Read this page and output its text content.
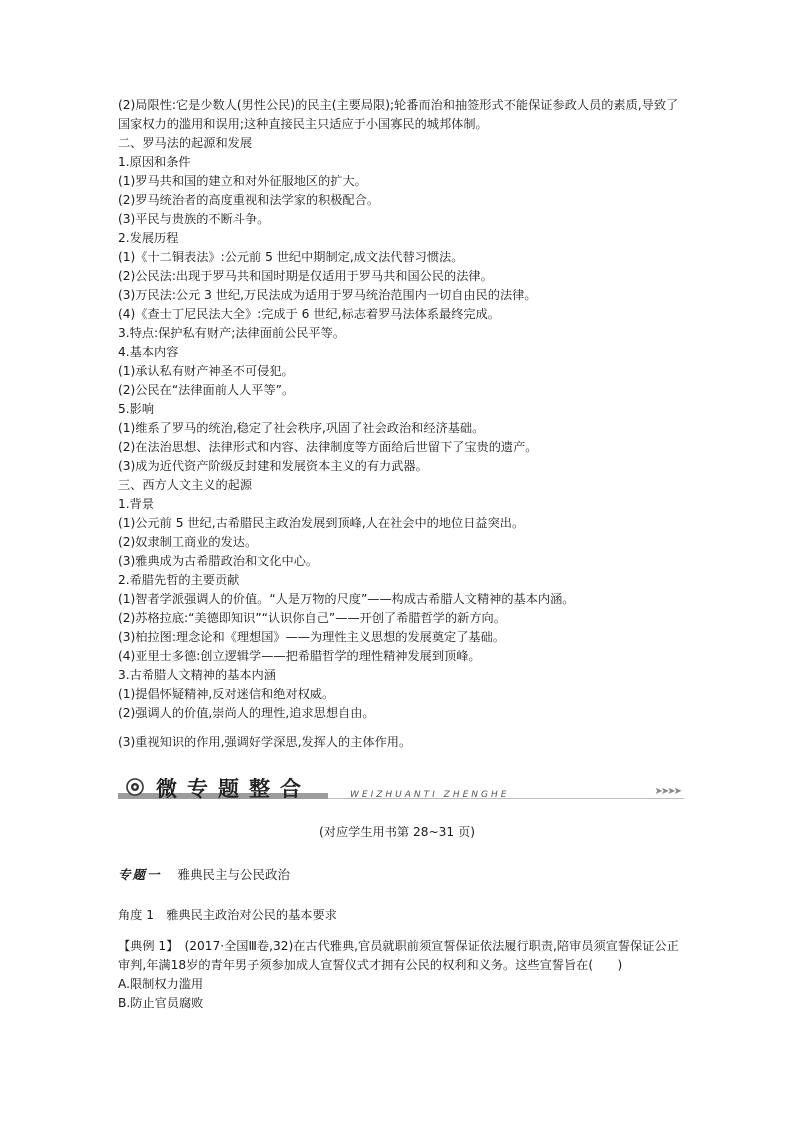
(2)局限性:它是少数人(男性公民)的民主(主要局限);轮番而治和抽签形式不能保证参政人员的素质,导致了国家权力的滥用和误用;这种直接民主只适应于小国寡民的城邦体制。
二、罗马法的起源和发展
1.原因和条件
(1)罗马共和国的建立和对外征服地区的扩大。
(2)罗马统治者的高度重视和法学家的积极配合。
(3)平民与贵族的不断斗争。
2.发展历程
(1)《十二铜表法》:公元前 5 世纪中期制定,成文法代替习惯法。
(2)公民法:出现于罗马共和国时期是仅适用于罗马共和国公民的法律。
(3)万民法:公元 3 世纪,万民法成为适用于罗马统治范围内一切自由民的法律。
(4)《查士丁尼民法大全》:完成于 6 世纪,标志着罗马法体系最终完成。
3.特点:保护私有财产;法律面前公民平等。
4.基本内容
(1)承认私有财产神圣不可侵犯。
(2)公民在“法律面前人人平等”。
5.影响
(1)维系了罗马的统治,稳定了社会秩序,巩固了社会政治和经济基础。
(2)在法治思想、法律形式和内容、法律制度等方面给后世留下了宝贵的遗产。
(3)成为近代资产阶级反封建和发展资本主义的有力武器。
三、西方人文主义的起源
1.背景
(1)公元前 5 世纪,古希腊民主政治发展到顶峰,人在社会中的地位日益突出。
(2)奴隶制工商业的发达。
(3)雅典成为古希腊政治和文化中心。
2.希腊先哲的主要贡献
(1)智者学派强调人的价值。“人是万物的尺度”——构成古希腊人文精神的基本内涵。
(2)苏格拉底:“美德即知识”“认识你自己”——开创了希腊哲学的新方向。
(3)柏拉图:理念论和《理想国》——为理性主义思想的发展奠定了基础。
(4)亚里士多德:创立逻辑学——把希腊哲学的理性精神发展到顶峰。
3.古希腊人文精神的基本内涵
(1)提倡怀疑精神,反对迷信和绝对权威。
(2)强调人的价值,崇尚人的理性,追求思想自由。
(3)重视知识的作用,强调好学深思,发挥人的主体作用。
微专题整合	WEIZHUANTI ZHENGHE	➤➤➤➤
(对应学生用书第 28~31 页)
专题一 雅典民主与公民政治
角度 1　雅典民主政治对公民的基本要求
【典例 1】　(2017·全国Ⅲ卷,32)在古代雅典,官员就职前须宣誓保证依法履行职责,陪审员须宣誓保证公正审判,年满18岁的青年男子须参加成人宣誓仪式才拥有公民的权利和义务。这些宣誓旨在(　　)
A.限制权力滥用
B.防止官员腐败
